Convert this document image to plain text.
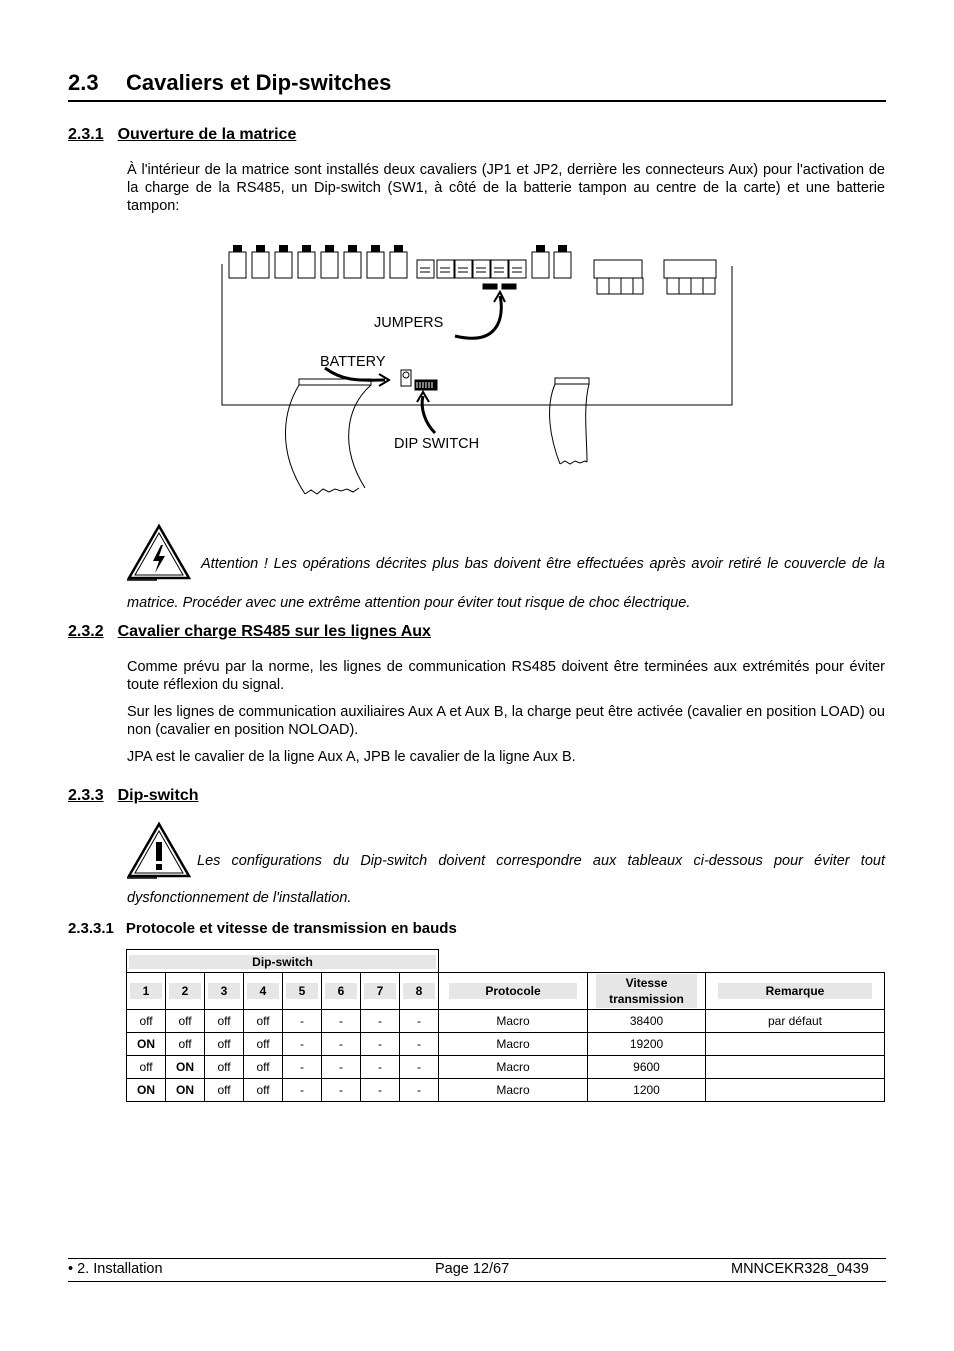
2.3 Cavaliers et Dip-switches
2.3.1 Ouverture de la matrice

À l'intérieur de la matrice sont installés deux cavaliers (JP1 et JP2, derrière les connecteurs Aux) pour l'activation de la charge de la RS485, un Dip-switch (SW1, à côté de la batterie tampon au centre de la carte) et une batterie tampon:

JUMPERS
BATTERY
DIP SWITCH

Attention ! Les opérations décrites plus bas doivent être effectuées après avoir retiré le couvercle de la matrice. Procéder avec une extrême attention pour éviter tout risque de choc électrique.

2.3.2 Cavalier charge RS485 sur les lignes Aux

Comme prévu par la norme, les lignes de communication RS485 doivent être terminées aux extrémités pour éviter toute réflexion du signal.

Sur les lignes de communication auxiliaires Aux A et Aux B, la charge peut être activée (cavalier en position LOAD) ou non (cavalier en position NOLOAD).

JPA est le cavalier de la ligne Aux A, JPB le cavalier de la ligne Aux B.

2.3.3 Dip-switch

Les configurations du Dip-switch doivent correspondre aux tableaux ci-dessous pour éviter tout dysfonctionnement de l'installation.

2.3.3.1 Protocole et vitesse de transmission en bauds
Dip-switch										

1	2	3	4	5	6	7	8	Protocole	Vitesse
transmission	Remarque
off	off	off	off	-	-	-	-	Macro	38400	par défaut
ON	off	off	off	-	-	-	-	Macro	19200	
off	ON	off	off	-	-	-	-	Macro	9600	
ON	ON	off	off	-	-	-	-	Macro	1200	
• 2. Installation	Page 12/67	MNNCEKR328_0439
